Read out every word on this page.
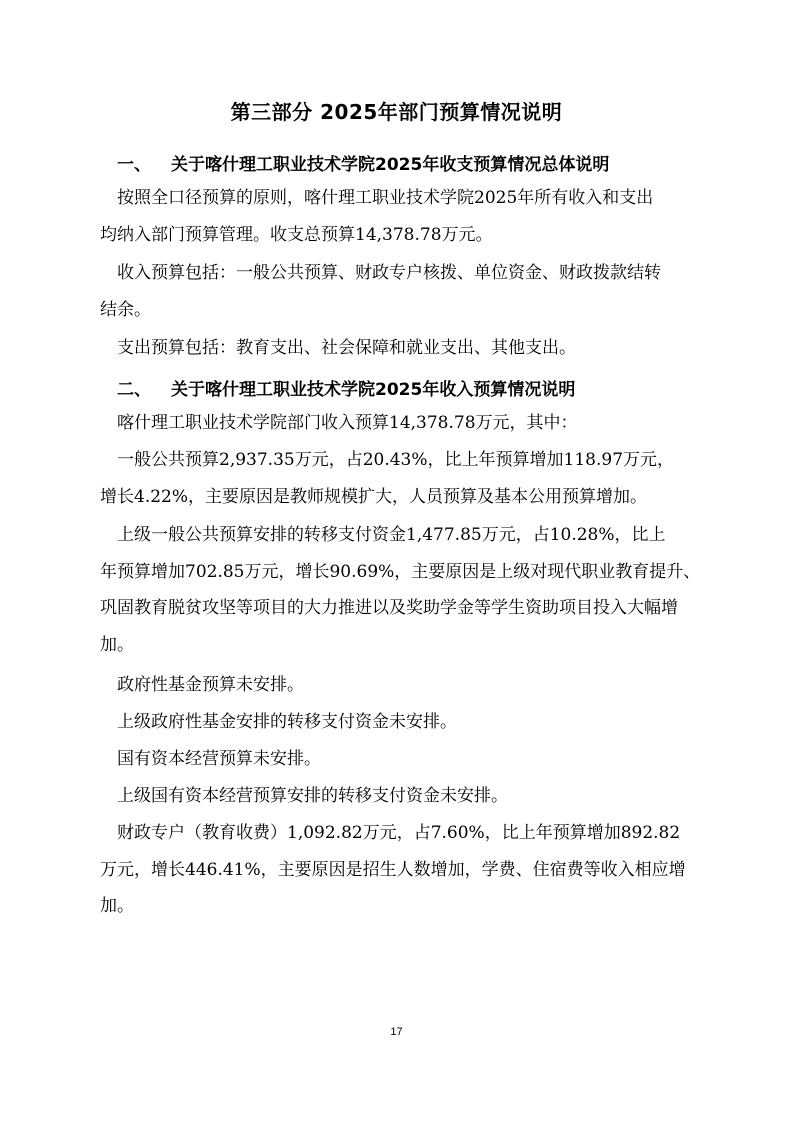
第三部分 2025年部门预算情况说明
一、 关于喀什理工职业技术学院2025年收支预算情况总体说明
按照全口径预算的原则，喀什理工职业技术学院2025年所有收入和支出
均纳入部门预算管理。收支总预算14,378.78万元。
收入预算包括：一般公共预算、财政专户核拨、单位资金、财政拨款结转
结余。
支出预算包括：教育支出、社会保障和就业支出、其他支出。
二、 关于喀什理工职业技术学院2025年收入预算情况说明
喀什理工职业技术学院部门收入预算14,378.78万元，其中：
一般公共预算2,937.35万元，占20.43%，比上年预算增加118.97万元，
增长4.22%，主要原因是教师规模扩大，人员预算及基本公用预算增加。
上级一般公共预算安排的转移支付资金1,477.85万元，占10.28%，比上
年预算增加702.85万元，增长90.69%，主要原因是上级对现代职业教育提升、
巩固教育脱贫攻坚等项目的大力推进以及奖助学金等学生资助项目投入大幅增
加。
政府性基金预算未安排。
上级政府性基金安排的转移支付资金未安排。
国有资本经营预算未安排。
上级国有资本经营预算安排的转移支付资金未安排。
财政专户（教育收费）1,092.82万元，占7.60%，比上年预算增加892.82
万元，增长446.41%，主要原因是招生人数增加，学费、住宿费等收入相应增
加。
17
